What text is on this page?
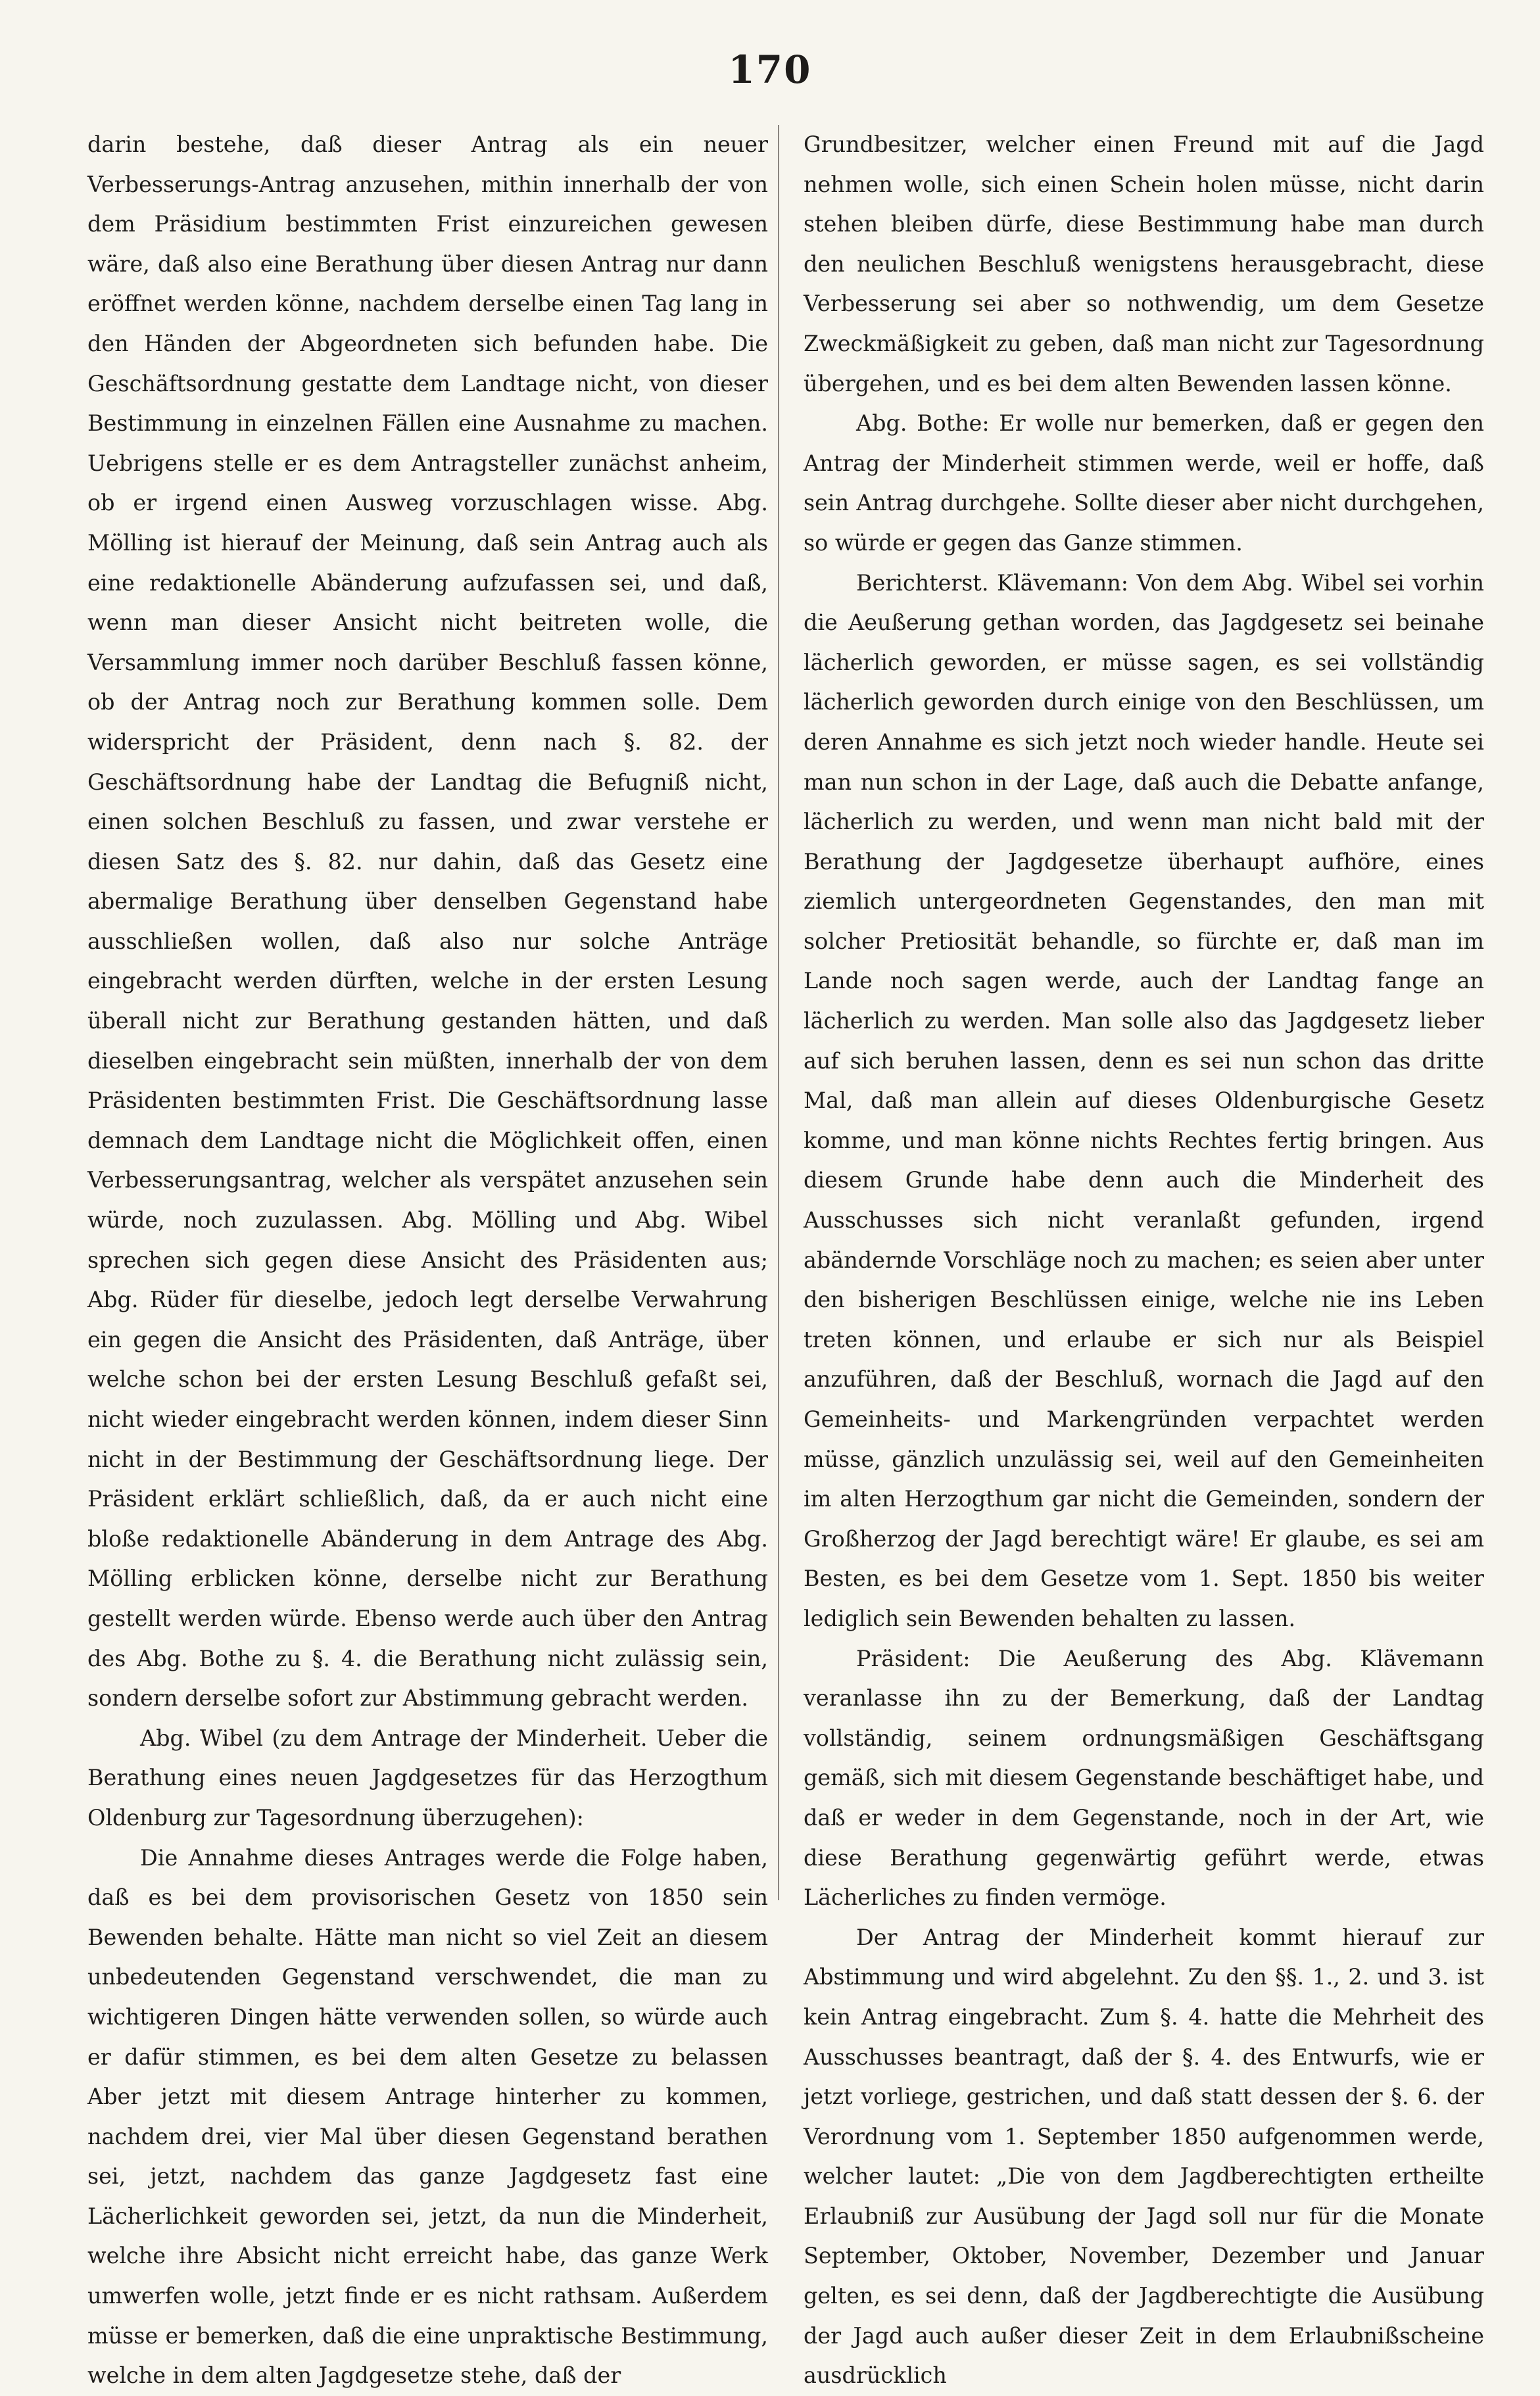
170

darin bestehe, daß dieser Antrag als ein neuer Verbesserungs-Antrag anzusehen, mithin innerhalb der von dem Präsidium bestimmten Frist einzureichen gewesen wäre, daß also eine Berathung über diesen Antrag nur dann eröffnet werden könne, nachdem derselbe einen Tag lang in den Händen der Abgeordneten sich befunden habe. Die Geschäftsordnung gestatte dem Landtage nicht, von dieser Bestimmung in einzelnen Fällen eine Ausnahme zu machen. Uebrigens stelle er es dem Antragsteller zunächst anheim, ob er irgend einen Ausweg vorzuschlagen wisse. Abg. Mölling ist hierauf der Meinung, daß sein Antrag auch als eine redaktionelle Abänderung aufzufassen sei, und daß, wenn man dieser Ansicht nicht beitreten wolle, die Versammlung immer noch darüber Beschluß fassen könne, ob der Antrag noch zur Berathung kommen solle. Dem widerspricht der Präsident, denn nach §. 82. der Geschäftsordnung habe der Landtag die Befugniß nicht, einen solchen Beschluß zu fassen, und zwar verstehe er diesen Satz des §. 82. nur dahin, daß das Gesetz eine abermalige Berathung über denselben Gegenstand habe ausschließen wollen, daß also nur solche Anträge eingebracht werden dürften, welche in der ersten Lesung überall nicht zur Berathung gestanden hätten, und daß dieselben eingebracht sein müßten, innerhalb der von dem Präsidenten bestimmten Frist. Die Geschäftsordnung lasse demnach dem Landtage nicht die Möglichkeit offen, einen Verbesserungsantrag, welcher als verspätet anzusehen sein würde, noch zuzulassen. Abg. Mölling und Abg. Wibel sprechen sich gegen diese Ansicht des Präsidenten aus; Abg. Rüder für dieselbe, jedoch legt derselbe Verwahrung ein gegen die Ansicht des Präsidenten, daß Anträge, über welche schon bei der ersten Lesung Beschluß gefaßt sei, nicht wieder eingebracht werden können, indem dieser Sinn nicht in der Bestimmung der Geschäftsordnung liege. Der Präsident erklärt schließlich, daß, da er auch nicht eine bloße redaktionelle Abänderung in dem Antrage des Abg. Mölling erblicken könne, derselbe nicht zur Berathung gestellt werden würde. Ebenso werde auch über den Antrag des Abg. Bothe zu §. 4. die Berathung nicht zulässig sein, sondern derselbe sofort zur Abstimmung gebracht werden.

Abg. Wibel (zu dem Antrage der Minderheit. Ueber die Berathung eines neuen Jagdgesetzes für das Herzogthum Oldenburg zur Tagesordnung überzugehen):

Die Annahme dieses Antrages werde die Folge haben, daß es bei dem provisorischen Gesetz von 1850 sein Bewenden behalte. Hätte man nicht so viel Zeit an diesem unbedeutenden Gegenstand verschwendet, die man zu wichtigeren Dingen hätte verwenden sollen, so würde auch er dafür stimmen, es bei dem alten Gesetze zu belassen Aber jetzt mit diesem Antrage hinterher zu kommen, nachdem drei, vier Mal über diesen Gegenstand berathen sei, jetzt, nachdem das ganze Jagdgesetz fast eine Lächerlichkeit geworden sei, jetzt, da nun die Minderheit, welche ihre Absicht nicht erreicht habe, das ganze Werk umwerfen wolle, jetzt finde er es nicht rathsam. Außerdem müsse er bemerken, daß die eine unpraktische Bestimmung, welche in dem alten Jagdgesetze stehe, daß der

Grundbesitzer, welcher einen Freund mit auf die Jagd nehmen wolle, sich einen Schein holen müsse, nicht darin stehen bleiben dürfe, diese Bestimmung habe man durch den neulichen Beschluß wenigstens herausgebracht, diese Verbesserung sei aber so nothwendig, um dem Gesetze Zweckmäßigkeit zu geben, daß man nicht zur Tagesordnung übergehen, und es bei dem alten Bewenden lassen könne.

Abg. Bothe: Er wolle nur bemerken, daß er gegen den Antrag der Minderheit stimmen werde, weil er hoffe, daß sein Antrag durchgehe. Sollte dieser aber nicht durchgehen, so würde er gegen das Ganze stimmen.

Berichterst. Klävemann: Von dem Abg. Wibel sei vorhin die Aeußerung gethan worden, das Jagdgesetz sei beinahe lächerlich geworden, er müsse sagen, es sei vollständig lächerlich geworden durch einige von den Beschlüssen, um deren Annahme es sich jetzt noch wieder handle. Heute sei man nun schon in der Lage, daß auch die Debatte anfange, lächerlich zu werden, und wenn man nicht bald mit der Berathung der Jagdgesetze überhaupt aufhöre, eines ziemlich untergeordneten Gegenstandes, den man mit solcher Pretiosität behandle, so fürchte er, daß man im Lande noch sagen werde, auch der Landtag fange an lächerlich zu werden. Man solle also das Jagdgesetz lieber auf sich beruhen lassen, denn es sei nun schon das dritte Mal, daß man allein auf dieses Oldenburgische Gesetz komme, und man könne nichts Rechtes fertig bringen. Aus diesem Grunde habe denn auch die Minderheit des Ausschusses sich nicht veranlaßt gefunden, irgend abändernde Vorschläge noch zu machen; es seien aber unter den bisherigen Beschlüssen einige, welche nie ins Leben treten können, und erlaube er sich nur als Beispiel anzuführen, daß der Beschluß, wornach die Jagd auf den Gemeinheits- und Markengründen verpachtet werden müsse, gänzlich unzulässig sei, weil auf den Gemeinheiten im alten Herzogthum gar nicht die Gemeinden, sondern der Großherzog der Jagd berechtigt wäre! Er glaube, es sei am Besten, es bei dem Gesetze vom 1. Sept. 1850 bis weiter lediglich sein Bewenden behalten zu lassen.

Präsident: Die Aeußerung des Abg. Klävemann veranlasse ihn zu der Bemerkung, daß der Landtag vollständig, seinem ordnungsmäßigen Geschäftsgang gemäß, sich mit diesem Gegenstande beschäftiget habe, und daß er weder in dem Gegenstande, noch in der Art, wie diese Berathung gegenwärtig geführt werde, etwas Lächerliches zu finden vermöge.

Der Antrag der Minderheit kommt hierauf zur Abstimmung und wird abgelehnt. Zu den §§. 1., 2. und 3. ist kein Antrag eingebracht. Zum §. 4. hatte die Mehrheit des Ausschusses beantragt, daß der §. 4. des Entwurfs, wie er jetzt vorliege, gestrichen, und daß statt dessen der §. 6. der Verordnung vom 1. September 1850 aufgenommen werde, welcher lautet: „Die von dem Jagdberechtigten ertheilte Erlaubniß zur Ausübung der Jagd soll nur für die Monate September, Oktober, November, Dezember und Januar gelten, es sei denn, daß der Jagdberechtigte die Ausübung der Jagd auch außer dieser Zeit in dem Erlaubnißscheine ausdrücklich
